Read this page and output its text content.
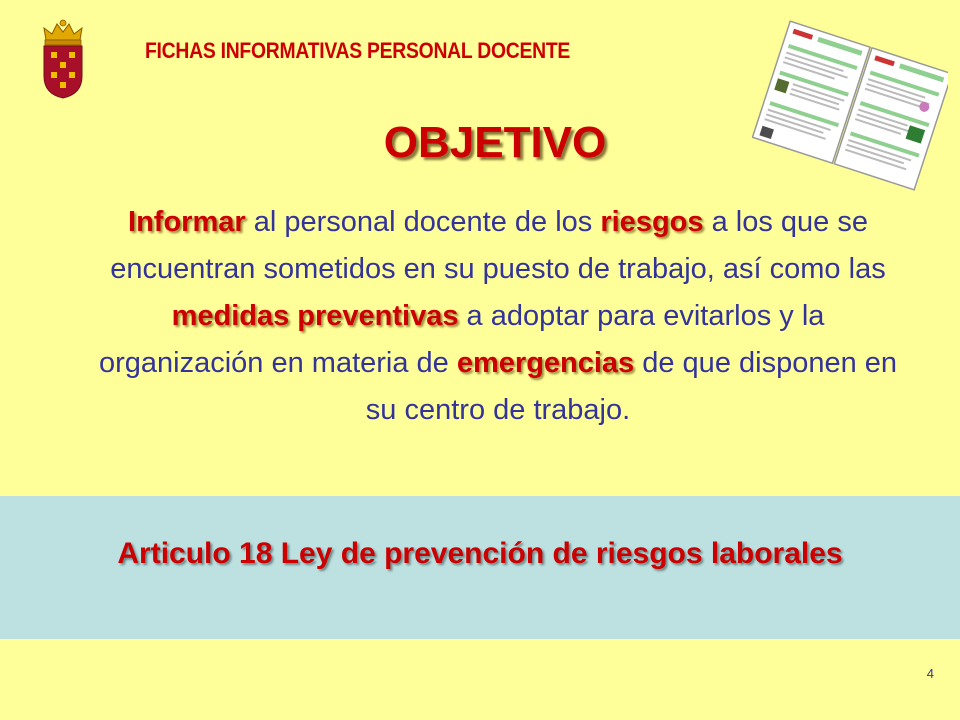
FICHAS INFORMATIVAS PERSONAL DOCENTE
OBJETIVO
Informar al personal docente de los riesgos a los que se encuentran sometidos en su puesto de trabajo, así como las medidas preventivas a adoptar para evitarlos y la organización en materia de emergencias de que disponen en su centro de trabajo.
Articulo 18 Ley de prevención de riesgos laborales
4
